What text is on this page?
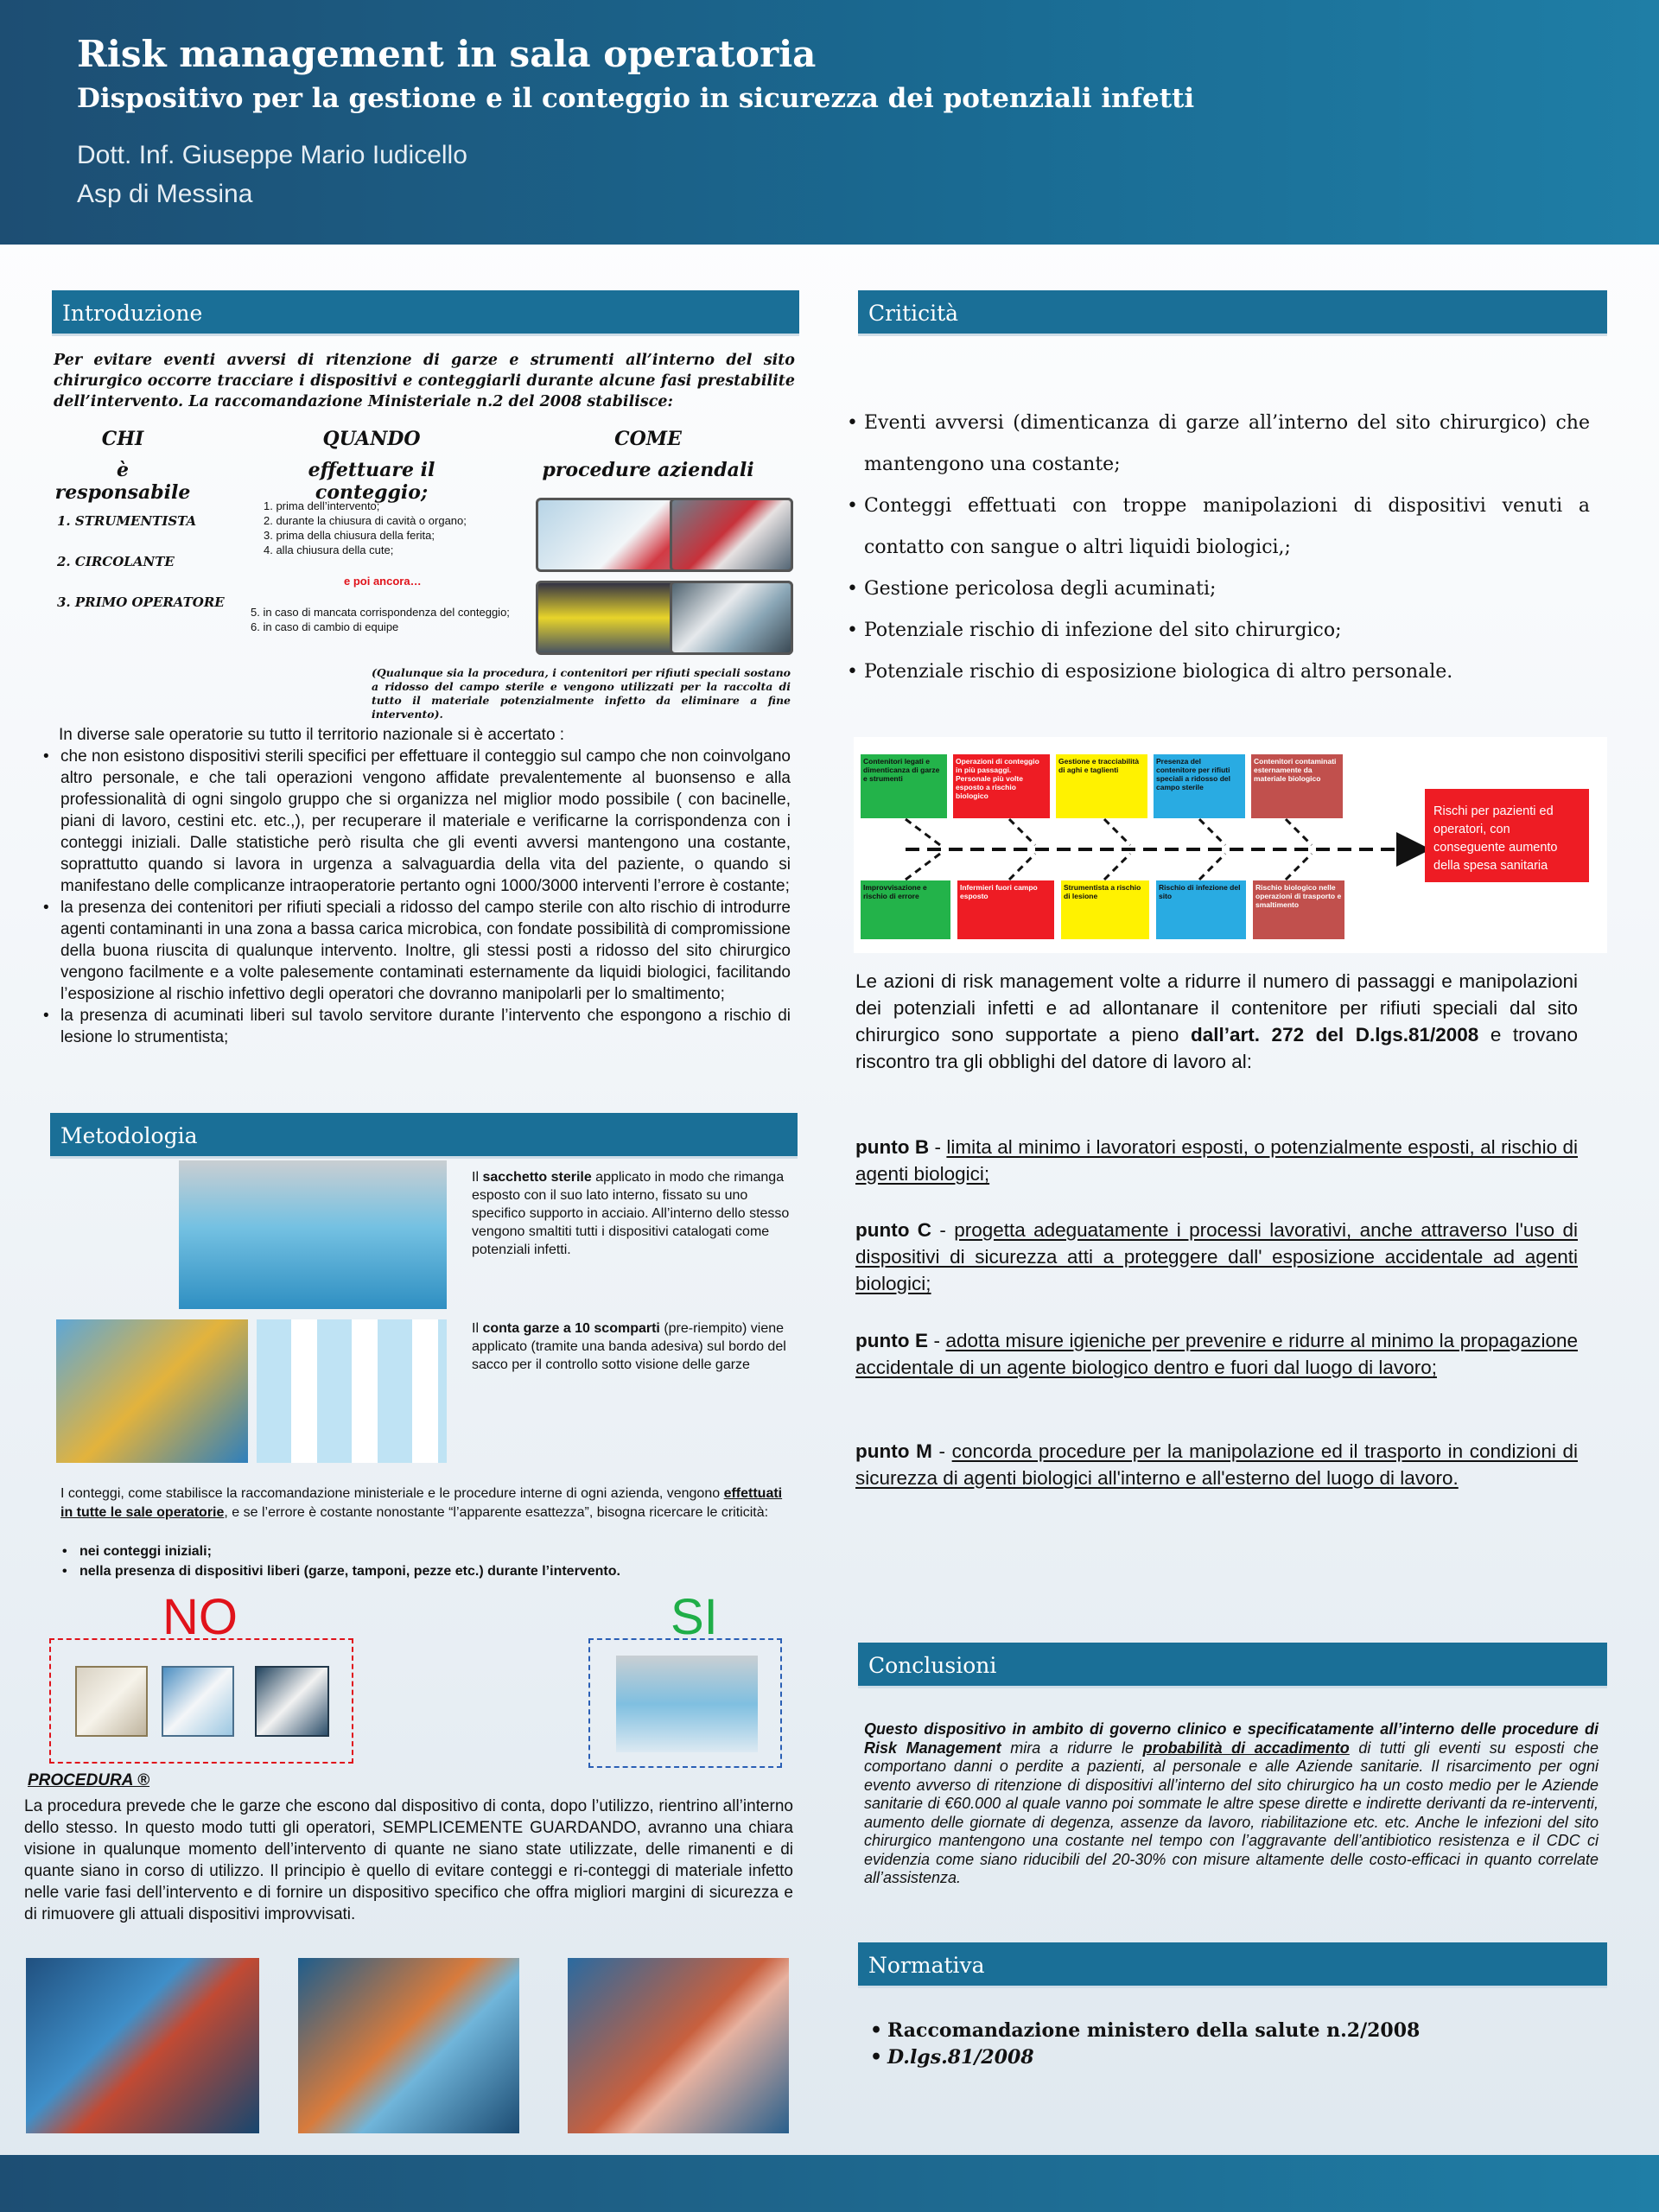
Risk management in sala operatoria
Dispositivo per la gestione e il conteggio in sicurezza dei potenziali infetti
Dott. Inf. Giuseppe Mario Iudicello
Asp di Messina
Introduzione
Per evitare eventi avversi di ritenzione di garze e strumenti all’interno del sito chirurgico occorre tracciare i dispositivi e conteggiarli durante alcune fasi prestabilite dell’intervento. La raccomandazione Ministeriale n.2 del 2008 stabilisce:
CHI
è responsabile
QUANDO
effettuare il conteggio;
COME
procedure aziendali
1. STRUMENTISTA
2. CIRCOLANTE
3. PRIMO OPERATORE
1. prima dell’intervento;
2. durante la chiusura di cavità o organo;
3. prima della chiusura della ferita;
4. alla chiusura della cute;
e poi ancora…
5. in caso di mancata corrispondenza del conteggio;
6. in caso di cambio di equipe
(Qualunque sia la procedura, i contenitori per rifiuti speciali sostano a ridosso del campo sterile e vengono utilizzati per la raccolta di tutto il materiale potenzialmente infetto da eliminare a fine intervento).
In diverse sale operatorie su tutto il territorio nazionale si è accertato :
• che non esistono dispositivi sterili specifici per effettuare il conteggio sul campo che non coinvolgano altro personale, e che tali operazioni vengono affidate prevalentemente al buonsenso e alla professionalità di ogni singolo gruppo che si organizza nel miglior modo possibile ( con bacinelle, piani di lavoro, cestini etc. etc.,), per recuperare il materiale e verificarne la corrispondenza con i conteggi iniziali. Dalle statistiche però risulta che gli eventi avversi mantengono una costante, soprattutto quando si lavora in urgenza a salvaguardia della vita del paziente, o quando si manifestano delle complicanze intraoperatorie pertanto ogni 1000/3000 interventi l’errore è costante;
• la presenza dei contenitori per rifiuti speciali a ridosso del campo sterile con alto rischio di introdurre agenti contaminanti in una zona a bassa carica microbica, con fondate possibilità di compromissione della buona riuscita di qualunque intervento. Inoltre, gli stessi posti a ridosso del sito chirurgico vengono facilmente e a volte palesemente contaminati esternamente da liquidi biologici, facilitando l’esposizione al rischio infettivo degli operatori che dovranno manipolarli per lo smaltimento;
• la presenza di acuminati liberi sul tavolo servitore durante l’intervento che espongono a rischio di lesione lo strumentista;
Metodologia
Il sacchetto sterile applicato in modo che rimanga esposto con il suo lato interno, fissato su uno specifico supporto in acciaio. All’interno dello stesso vengono smaltiti tutti i dispositivi catalogati come potenziali infetti.
Il conta garze a 10 scomparti (pre-riempito) viene applicato (tramite una banda adesiva) sul bordo del sacco per il controllo sotto visione delle garze
I conteggi, come stabilisce la raccomandazione ministeriale e le procedure interne di ogni azienda, vengono effettuati in tutte le sale operatorie, e se l’errore è costante nonostante “l’apparente esattezza”, bisogna ricercare le criticità:
• nei conteggi iniziali;
• nella presenza di dispositivi liberi (garze, tamponi, pezze etc.) durante l’intervento.
NO	SI
PROCEDURA ®
La procedura prevede che le garze che escono dal dispositivo di conta, dopo l’utilizzo, rientrino all’interno dello stesso. In questo modo tutti gli operatori, SEMPLICEMENTE GUARDANDO, avranno una chiara visione in qualunque momento dell’intervento di quante ne siano state utilizzate, delle rimanenti e di quante siano in corso di utilizzo. Il principio è quello di evitare conteggi e ri-conteggi di materiale infetto nelle varie fasi dell’intervento e di fornire un dispositivo specifico che offra migliori margini di sicurezza e di rimuovere gli attuali dispositivi improvvisati.
Criticità
• Eventi avversi (dimenticanza di garze all’interno del sito chirurgico) che mantengono una costante;
• Conteggi effettuati con troppe manipolazioni di dispositivi venuti a contatto con sangue o altri liquidi biologici,;
• Gestione pericolosa degli acuminati;
• Potenziale rischio di infezione del sito chirurgico;
• Potenziale rischio di esposizione biologica di altro personale.
Contenitori legati e dimenticanza di garze e strumenti
Operazioni di conteggio in più passaggi. Personale più volte esposto a rischio biologico
Gestione e tracciabilità di aghi e taglienti
Presenza del contenitore per rifiuti speciali a ridosso del campo sterile
Contenitori contaminati esternamente da materiale biologico
Improvvisazione e rischio di errore
Infermieri fuori campo esposto
Strumentista a rischio di lesione
Rischio di infezione del sito
Rischio biologico nelle operazioni di trasporto e smaltimento
Rischi per pazienti ed operatori, con conseguente aumento della spesa sanitaria
Le azioni di risk management volte a ridurre il numero di passaggi e manipolazioni dei potenziali infetti e ad allontanare il contenitore per rifiuti speciali dal sito chirurgico sono supportate a pieno dall’art. 272 del D.lgs.81/2008 e trovano riscontro tra gli obblighi del datore di lavoro al:
punto B - limita al minimo i lavoratori esposti, o potenzialmente esposti, al rischio di agenti biologici;
punto C - progetta adeguatamente i processi lavorativi, anche attraverso l'uso di dispositivi di sicurezza atti a proteggere dall' esposizione accidentale ad agenti biologici;
punto E - adotta misure igieniche per prevenire e ridurre al minimo la propagazione accidentale di un agente biologico dentro e fuori dal luogo di lavoro;
punto M - concorda procedure per la manipolazione ed il trasporto in condizioni di sicurezza di agenti biologici all'interno e all'esterno del luogo di lavoro.
Conclusioni
Questo dispositivo in ambito di governo clinico e specificatamente all’interno delle procedure di Risk Management mira a ridurre le probabilità di accadimento di tutti gli eventi su esposti che comportano danni o perdite a pazienti, al personale e alle Aziende sanitarie. Il risarcimento per ogni evento avverso di ritenzione di dispositivi all’interno del sito chirurgico ha un costo medio per le Aziende sanitarie di €60.000 al quale vanno poi sommate le altre spese dirette e indirette derivanti da re-interventi, aumento delle giornate di degenza, assenze da lavoro, riabilitazione etc. etc. Anche le infezioni del sito chirurgico mantengono una costante nel tempo con l’aggravante dell’antibiotico resistenza e il CDC ci evidenzia come siano riducibili del 20-30% con misure altamente delle costo-efficaci in quanto correlate all’assistenza.
Normativa
• Raccomandazione ministero della salute n.2/2008
• D.lgs.81/2008
